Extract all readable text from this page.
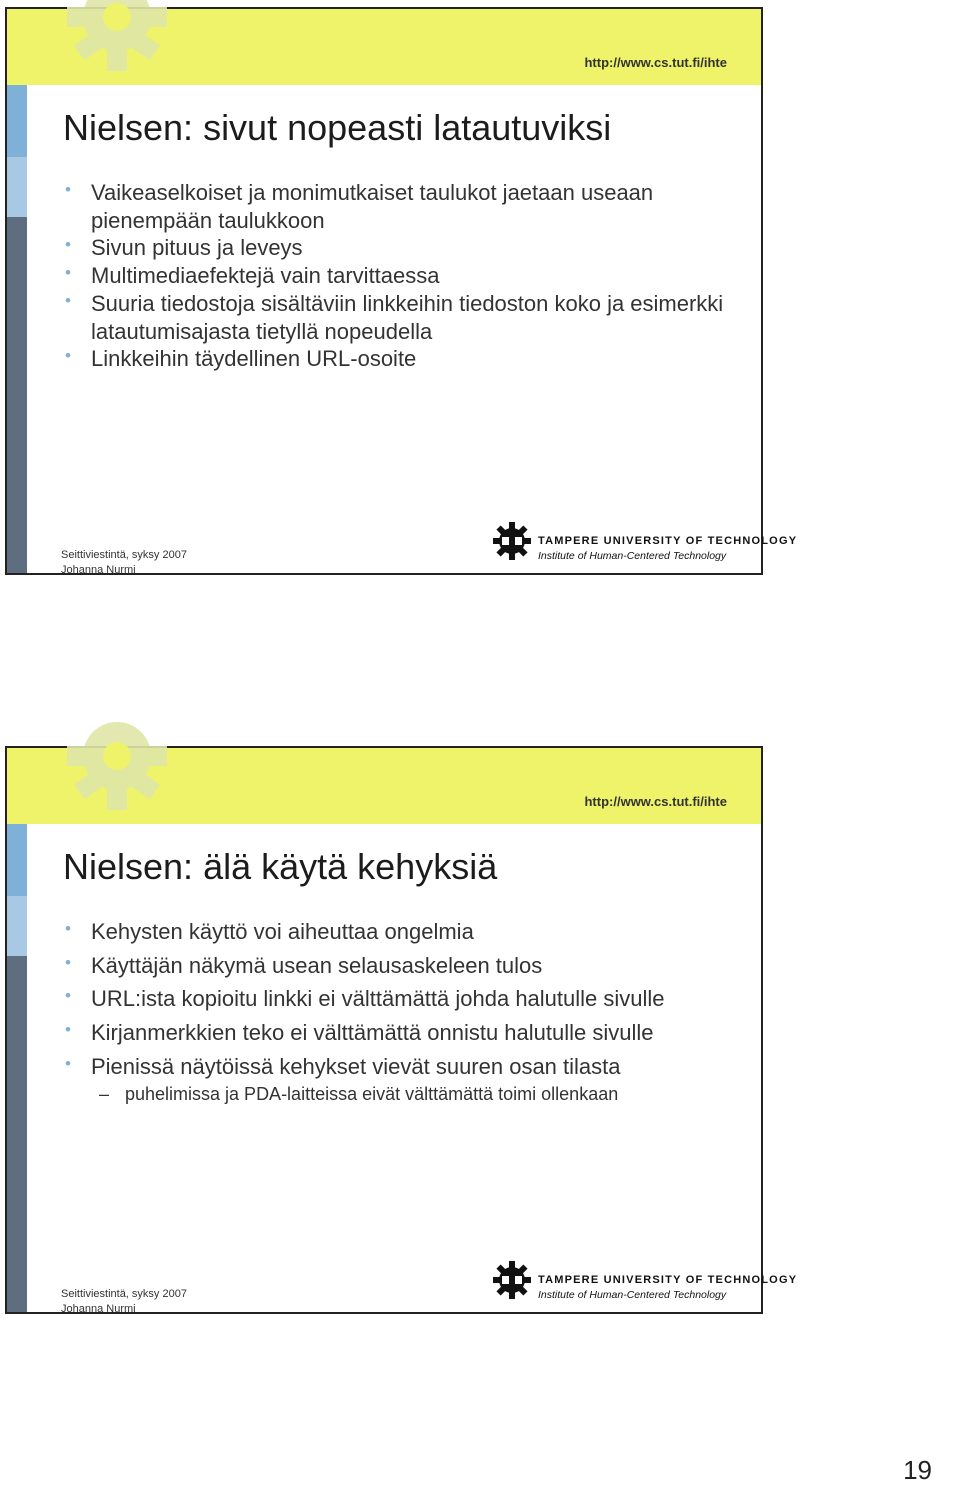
http://www.cs.tut.fi/ihte
Nielsen: sivut nopeasti latautuviksi
• Vaikeaselkoiset ja monimutkaiset taulukot jaetaan useaan pienempään taulukkoon
• Sivun pituus ja leveys
• Multimediaefektejä vain tarvittaessa
• Suuria tiedostoja sisältäviin linkkeihin tiedoston koko ja esimerkki latautumisajasta tietyllä nopeudella
• Linkkeihin täydellinen URL-osoite
Seittiviestintä, syksy 2007
Johanna Nurmi
TAMPERE UNIVERSITY OF TECHNOLOGY
Institute of Human-Centered Technology
http://www.cs.tut.fi/ihte
Nielsen: älä käytä kehyksiä
• Kehysten käyttö voi aiheuttaa ongelmia
• Käyttäjän näkymä usean selausaskeleen tulos
• URL:ista kopioitu linkki ei välttämättä johda halutulle sivulle
• Kirjanmerkkien teko ei välttämättä onnistu halutulle sivulle
• Pienissä näytöissä kehykset vievät suuren osan tilasta
– puhelimissa ja PDA-laitteissa eivät välttämättä toimi ollenkaan
Seittiviestintä, syksy 2007
Johanna Nurmi
TAMPERE UNIVERSITY OF TECHNOLOGY
Institute of Human-Centered Technology
19
